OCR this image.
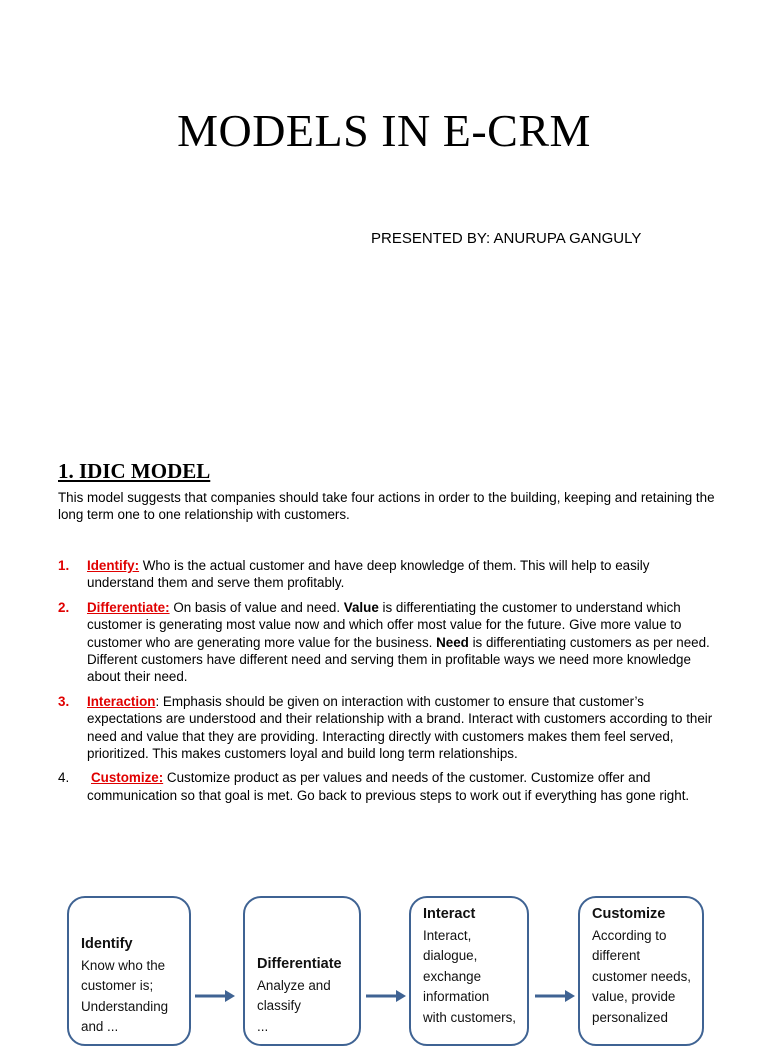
MODELS IN E-CRM

PRESENTED BY: ANURUPA GANGULY

1. IDIC MODEL
This model suggests that companies should take four actions in order to the building, keeping and retaining the long term one to one relationship with customers.
1.	Identify: Who is the actual customer and have deep knowledge of them. This will help to easily understand them and serve them profitably.
2.	Differentiate: On basis of value and need. Value is differentiating the customer to understand which customer is generating most value now and which offer most value for the future. Give more value to customer who are generating more value for the business. Need is differentiating customers as per need. Different customers have different need and serving them in profitable ways we need more knowledge about their need.
3.	Interaction: Emphasis should be given on interaction with customer to ensure that customer’s expectations are understood and their relationship with a brand. Interact with customers according to their need and value that they are providing. Interacting directly with customers makes them feel served, prioritized. This makes customers loyal and build long term relationships.
4.	Customize: Customize product as per values and needs of the customer. Customize offer and communication so that goal is met. Go back to previous steps to work out if everything has gone right.
Identify
Know who the
customer is;
Understanding
and ...
Differentiate
Analyze and
classify
...
Interact
Interact,
dialogue,
exchange
information
with customers,
Customize
According to
different
customer needs,
value, provide
personalized
